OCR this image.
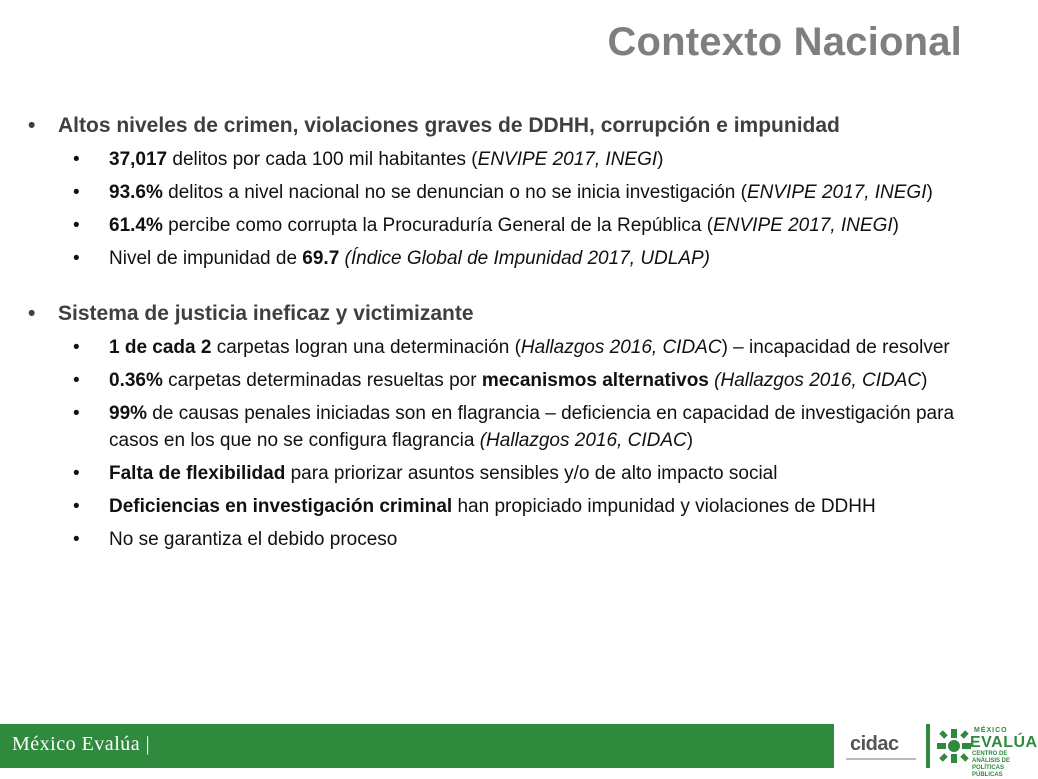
Contexto Nacional
• Altos niveles de crimen, violaciones graves de DDHH, corrupción e impunidad
• 37,017 delitos por cada 100 mil habitantes (ENVIPE 2017, INEGI)
• 93.6% delitos a nivel nacional no se denuncian o no se inicia investigación (ENVIPE 2017, INEGI)
• 61.4% percibe como corrupta la Procuraduría General de la República (ENVIPE 2017, INEGI)
• Nivel de impunidad de 69.7 (Índice Global de Impunidad 2017, UDLAP)
• Sistema de justicia ineficaz y victimizante
• 1 de cada 2 carpetas logran una determinación (Hallazgos 2016, CIDAC) – incapacidad de resolver
• 0.36% carpetas determinadas resueltas por mecanismos alternativos (Hallazgos 2016, CIDAC)
• 99% de causas penales iniciadas son en flagrancia – deficiencia en capacidad de investigación para casos en los que no se configura flagrancia (Hallazgos 2016, CIDAC)
• Falta de flexibilidad para priorizar asuntos sensibles y/o de alto impacto social
• Deficiencias en investigación criminal han propiciado impunidad y violaciones de DDHH
• No se garantiza el debido proceso
México Evalúa |	cidac
MÉXICO
EVALÚA
CENTRO DE ANÁLISIS DE POLÍTICAS PÚBLICAS
